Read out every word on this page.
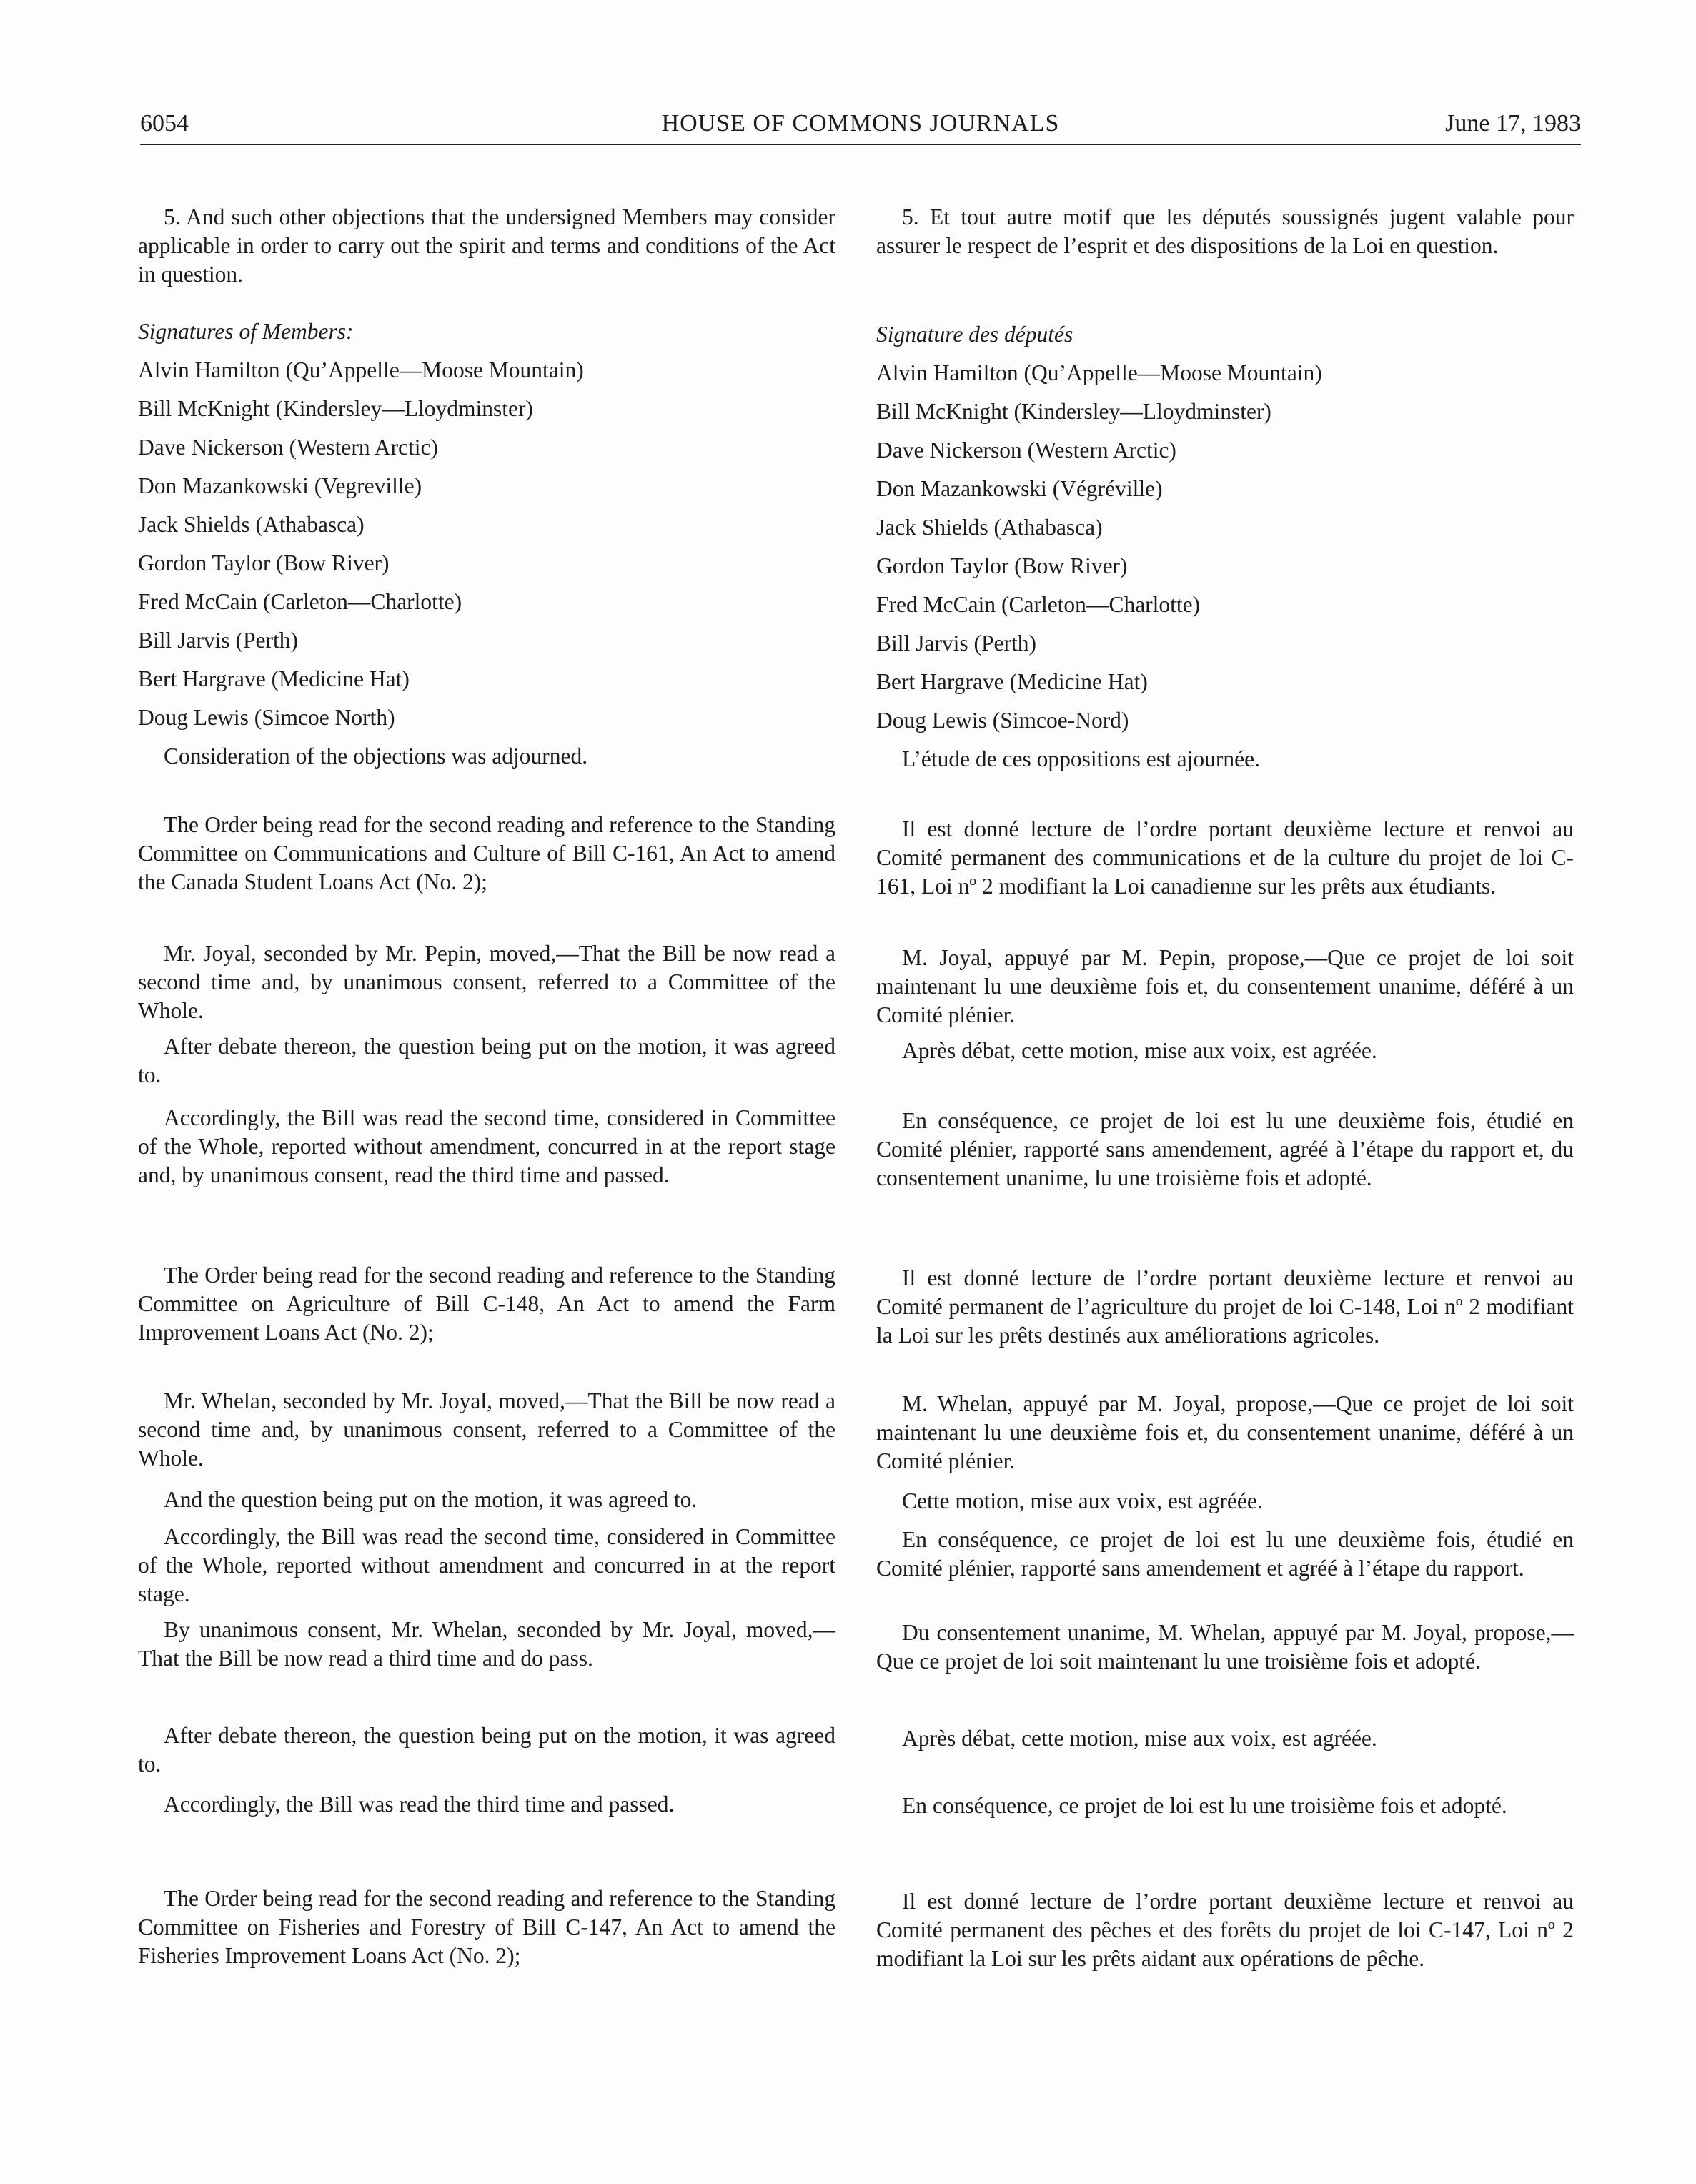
6054	HOUSE OF COMMONS JOURNALS	June 17, 1983

5. And such other objections that the undersigned Members may consider applicable in order to carry out the spirit and terms and conditions of the Act in question.

Signatures of Members:

Alvin Hamilton (Qu’Appelle—Moose Mountain)
Bill McKnight (Kindersley—Lloydminster)
Dave Nickerson (Western Arctic)
Don Mazankowski (Vegreville)
Jack Shields (Athabasca)
Gordon Taylor (Bow River)
Fred McCain (Carleton—Charlotte)
Bill Jarvis (Perth)
Bert Hargrave (Medicine Hat)
Doug Lewis (Simcoe North)

Consideration of the objections was adjourned.

The Order being read for the second reading and reference to the Standing Committee on Communications and Culture of Bill C-161, An Act to amend the Canada Student Loans Act (No. 2);

Mr. Joyal, seconded by Mr. Pepin, moved,—That the Bill be now read a second time and, by unanimous consent, referred to a Committee of the Whole.

After debate thereon, the question being put on the motion, it was agreed to.

Accordingly, the Bill was read the second time, considered in Committee of the Whole, reported without amendment, concurred in at the report stage and, by unanimous consent, read the third time and passed.

The Order being read for the second reading and reference to the Standing Committee on Agriculture of Bill C-148, An Act to amend the Farm Improvement Loans Act (No. 2);

Mr. Whelan, seconded by Mr. Joyal, moved,—That the Bill be now read a second time and, by unanimous consent, referred to a Committee of the Whole.

And the question being put on the motion, it was agreed to.

Accordingly, the Bill was read the second time, considered in Committee of the Whole, reported without amendment and concurred in at the report stage.

By unanimous consent, Mr. Whelan, seconded by Mr. Joyal, moved,—That the Bill be now read a third time and do pass.

After debate thereon, the question being put on the motion, it was agreed to.

Accordingly, the Bill was read the third time and passed.

The Order being read for the second reading and reference to the Standing Committee on Fisheries and Forestry of Bill C-147, An Act to amend the Fisheries Improvement Loans Act (No. 2);

5. Et tout autre motif que les députés soussignés jugent valable pour assurer le respect de l’esprit et des dispositions de la Loi en question.

Signature des députés

Alvin Hamilton (Qu’Appelle—Moose Mountain)
Bill McKnight (Kindersley—Lloydminster)
Dave Nickerson (Western Arctic)
Don Mazankowski (Végréville)
Jack Shields (Athabasca)
Gordon Taylor (Bow River)
Fred McCain (Carleton—Charlotte)
Bill Jarvis (Perth)
Bert Hargrave (Medicine Hat)
Doug Lewis (Simcoe-Nord)

L’étude de ces oppositions est ajournée.

Il est donné lecture de l’ordre portant deuxième lecture et renvoi au Comité permanent des communications et de la culture du projet de loi C-161, Loi nº 2 modifiant la Loi canadienne sur les prêts aux étudiants.

M. Joyal, appuyé par M. Pepin, propose,—Que ce projet de loi soit maintenant lu une deuxième fois et, du consentement unanime, déféré à un Comité plénier.

Après débat, cette motion, mise aux voix, est agréée.

En conséquence, ce projet de loi est lu une deuxième fois, étudié en Comité plénier, rapporté sans amendement, agréé à l’étape du rapport et, du consentement unanime, lu une troisième fois et adopté.

Il est donné lecture de l’ordre portant deuxième lecture et renvoi au Comité permanent de l’agriculture du projet de loi C-148, Loi nº 2 modifiant la Loi sur les prêts destinés aux améliorations agricoles.

M. Whelan, appuyé par M. Joyal, propose,—Que ce projet de loi soit maintenant lu une deuxième fois et, du consentement unanime, déféré à un Comité plénier.

Cette motion, mise aux voix, est agréée.

En conséquence, ce projet de loi est lu une deuxième fois, étudié en Comité plénier, rapporté sans amendement et agréé à l’étape du rapport.

Du consentement unanime, M. Whelan, appuyé par M. Joyal, propose,—Que ce projet de loi soit maintenant lu une troisième fois et adopté.

Après débat, cette motion, mise aux voix, est agréée.

En conséquence, ce projet de loi est lu une troisième fois et adopté.

Il est donné lecture de l’ordre portant deuxième lecture et renvoi au Comité permanent des pêches et des forêts du projet de loi C-147, Loi nº 2 modifiant la Loi sur les prêts aidant aux opérations de pêche.
